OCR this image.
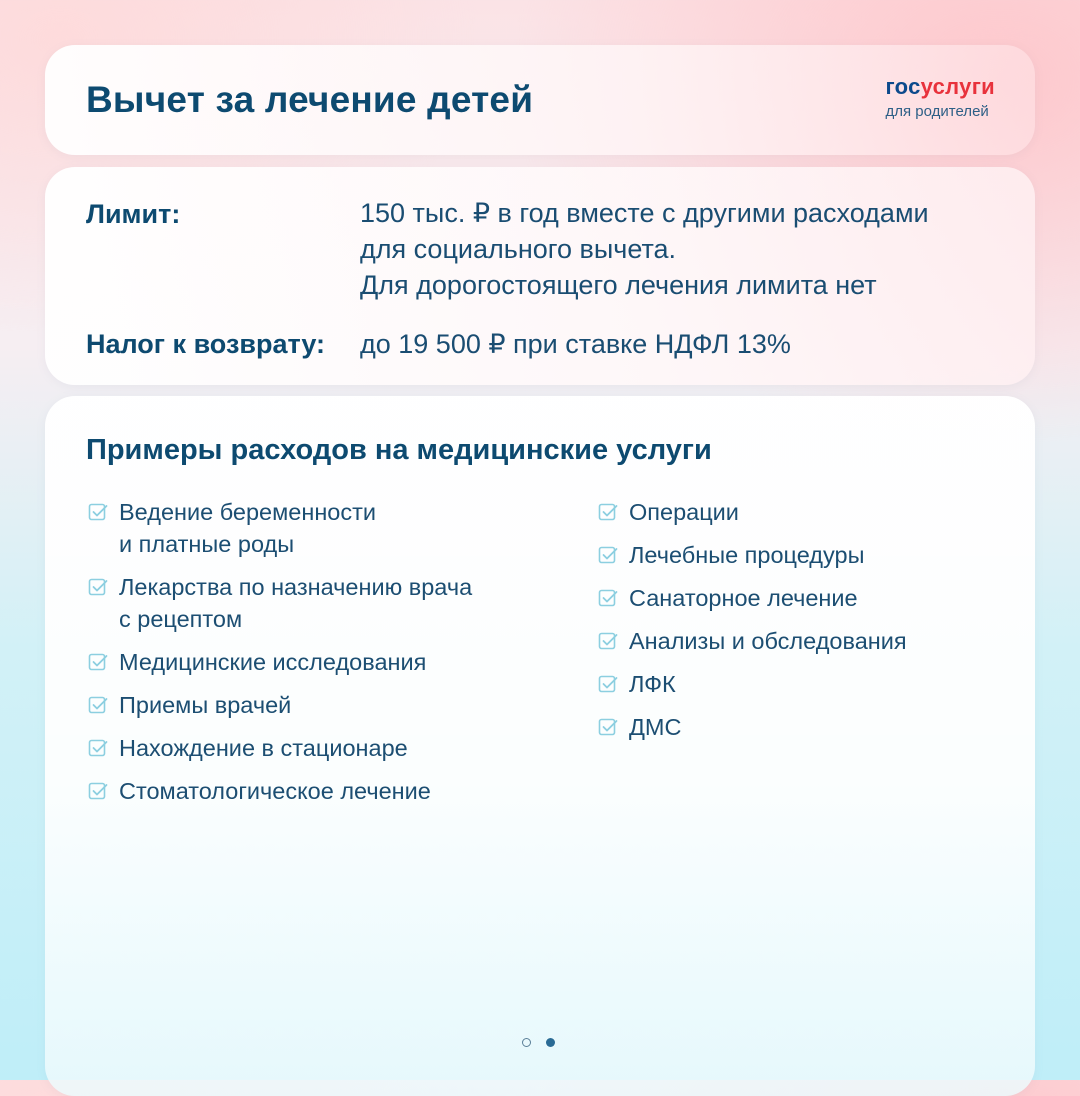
Вычет за лечение детей	госуслуги
для родителей
Лимит:	150 тыс. ₽ в год вместе с другими расходами
для социального вычета.
Для дорогостоящего лечения лимита нет
Налог к возврату: до 19 500 ₽ при ставке НДФЛ 13%
Примеры расходов на медицинские услуги
Ведение беременности
и платные роды
Лекарства по назначению врача
с рецептом
Медицинские исследования
Приемы врачей
Нахождение в стационаре
Стоматологическое лечение
Операции
Лечебные процедуры
Санаторное лечение
Анализы и обследования
ЛФК
ДМС
